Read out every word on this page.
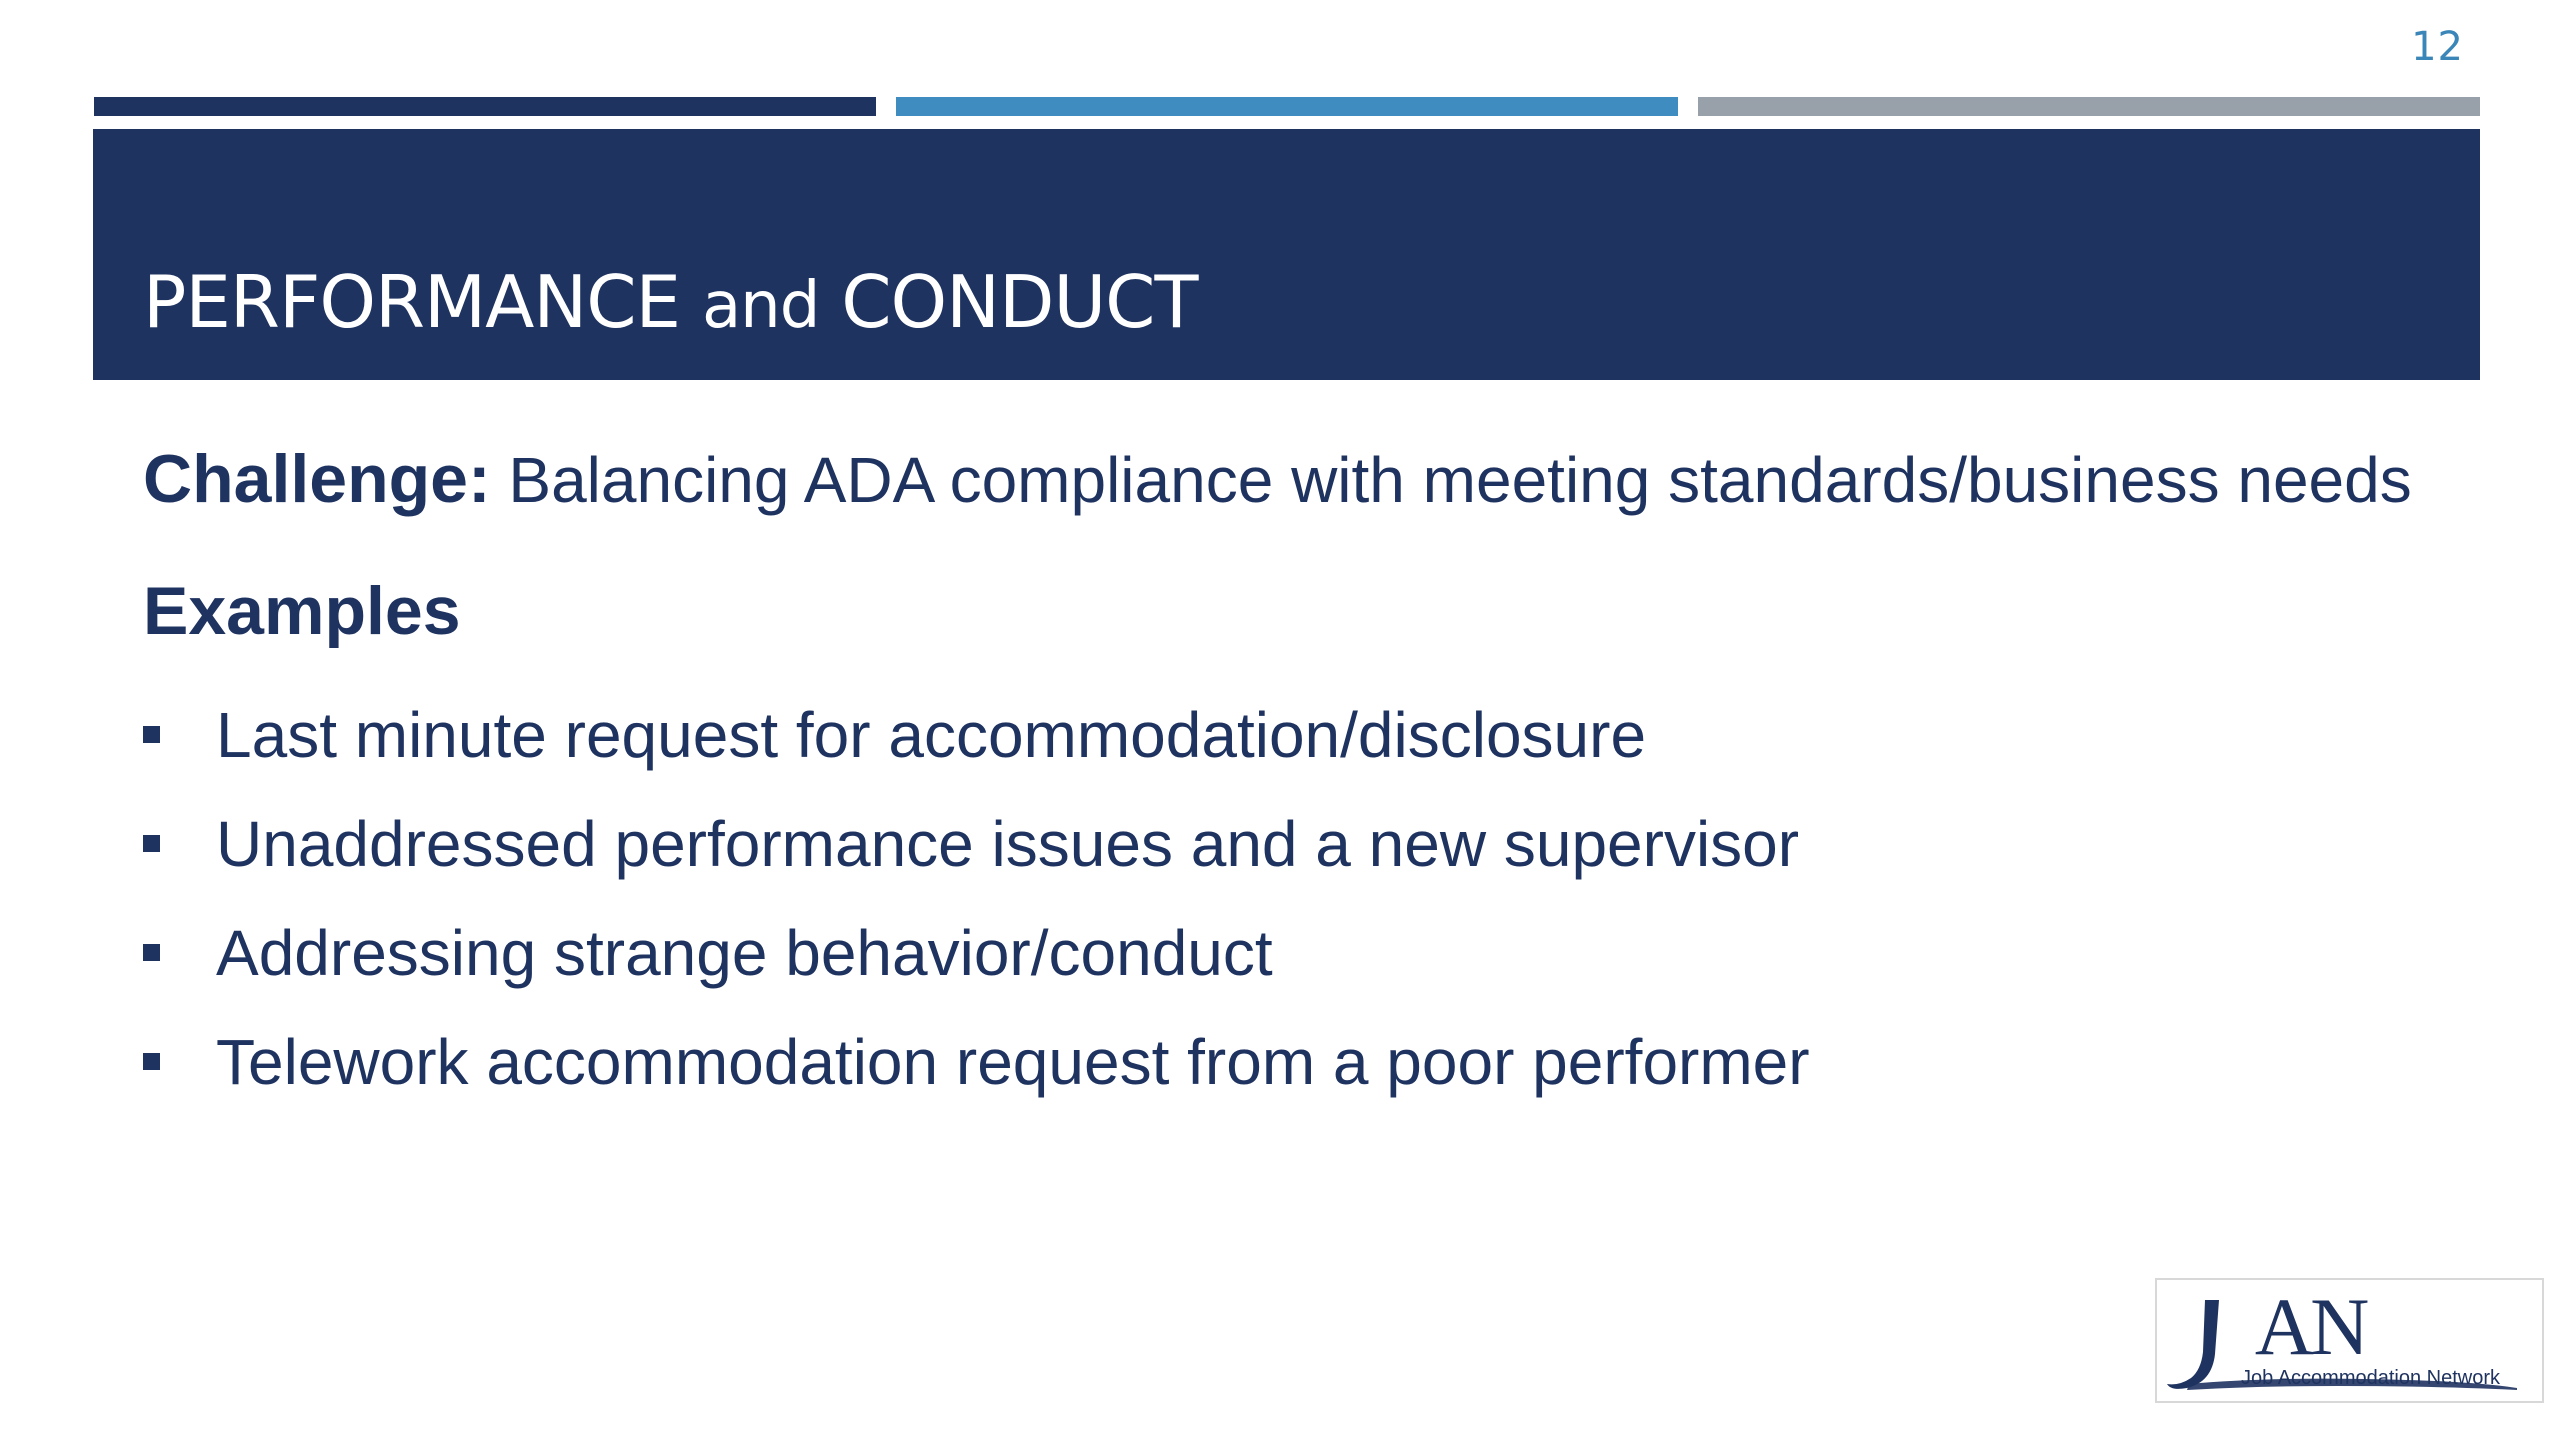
12
PERFORMANCE and CONDUCT
Challenge: Balancing ADA compliance with meeting standards/business needs
Examples
Last minute request for accommodation/disclosure
Unaddressed performance issues and a new supervisor
Addressing strange behavior/conduct
Telework accommodation request from a poor performer
JAN
Job Accommodation Network
